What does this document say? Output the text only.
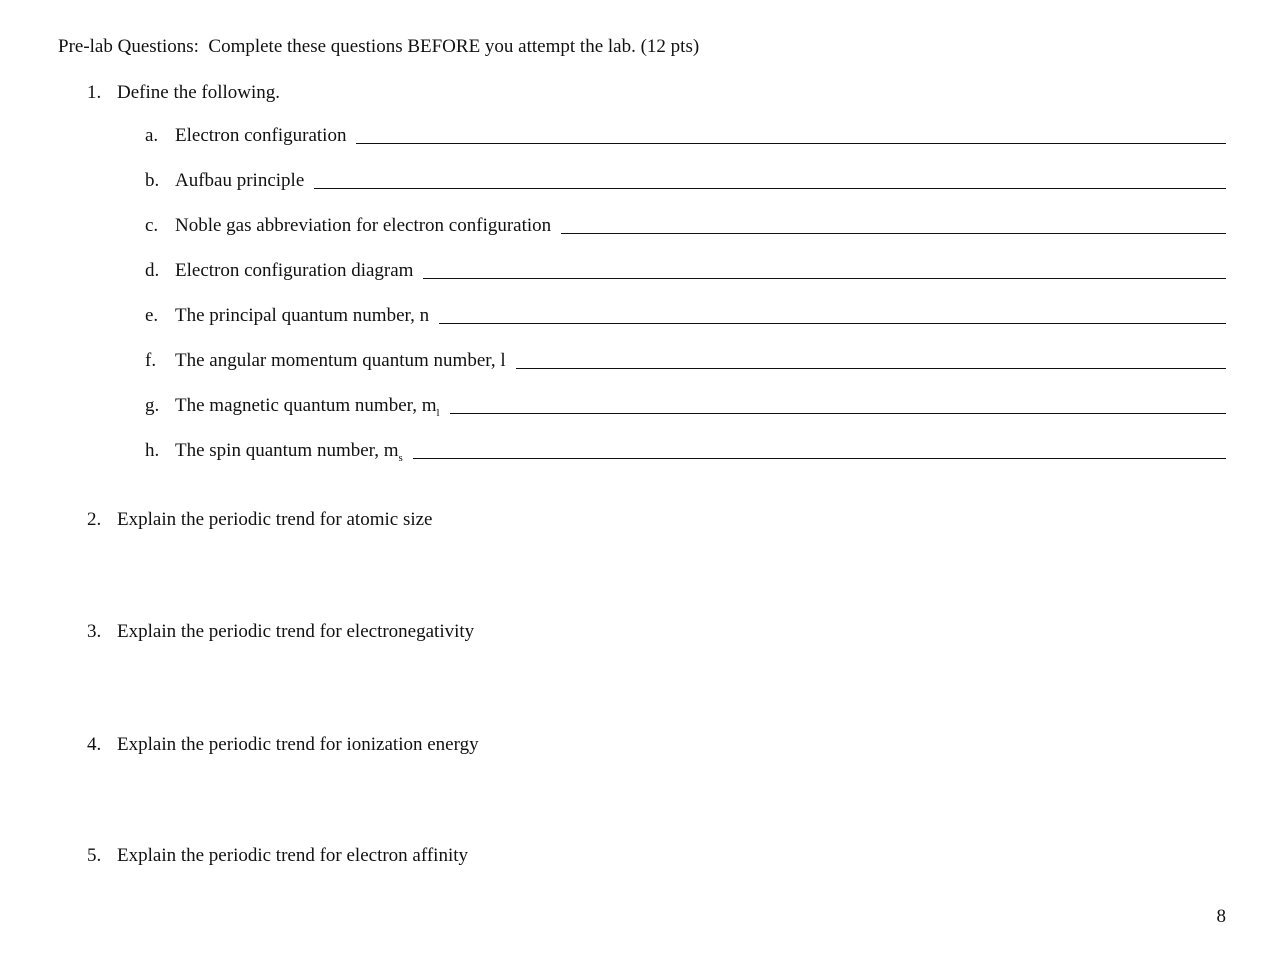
Pre-lab Questions:  Complete these questions BEFORE you attempt the lab. (12 pts)
1. Define the following.
a. Electron configuration
b. Aufbau principle
c. Noble gas abbreviation for electron configuration
d. Electron configuration diagram
e. The principal quantum number, n
f. The angular momentum quantum number, l
g. The magnetic quantum number, $m_l$
h. The spin quantum number, $m_s$
2. Explain the periodic trend for atomic size
3. Explain the periodic trend for electronegativity
4. Explain the periodic trend for ionization energy
5. Explain the periodic trend for electron affinity
8
